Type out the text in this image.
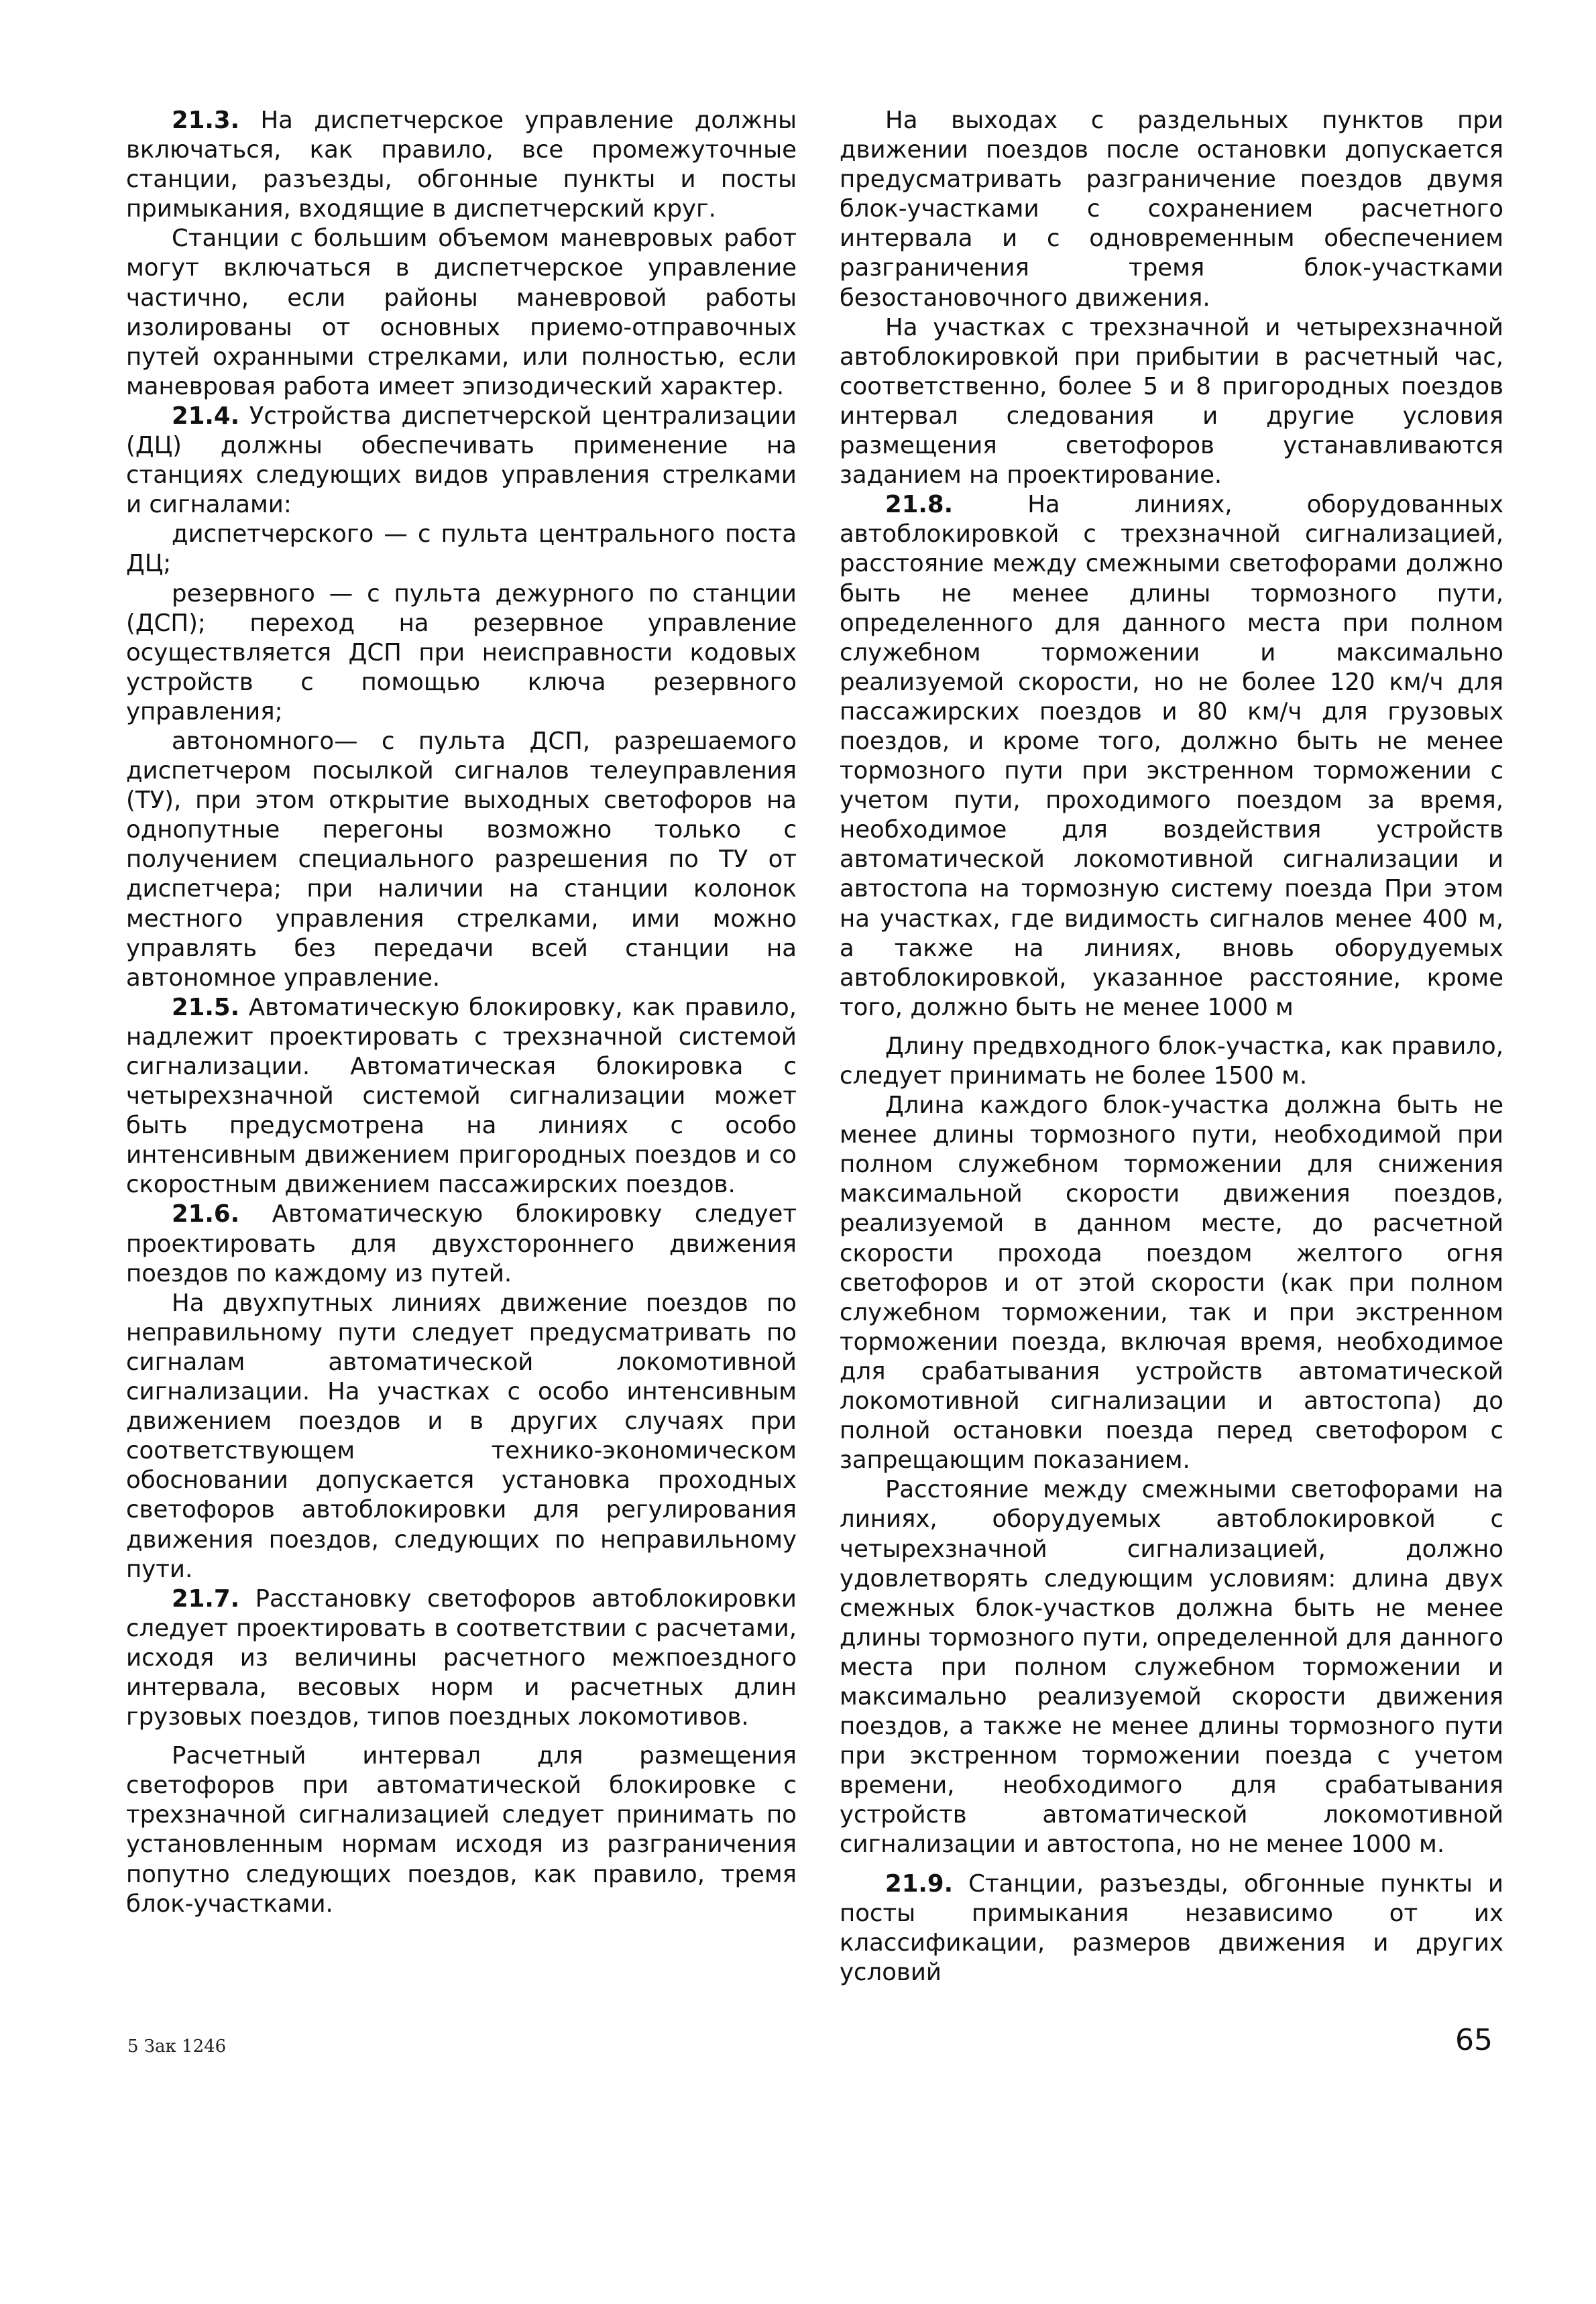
21.3. На диспетчерское управление должны включаться, как правило, все промежуточные станции, разъезды, обгонные пункты и посты примыкания, входящие в диспетчерский круг.

Станции с большим объемом маневровых работ могут включаться в диспетчерское управление частично, если районы маневровой работы изолированы от основных приемо-отправочных путей охранными стрелками, или полностью, если маневровая работа имеет эпизодический характер.

21.4. Устройства диспетчерской централизации (ДЦ) должны обеспечивать применение на станциях следующих видов управления стрелками и сигналами:

диспетчерского — с пульта центрального поста ДЦ;

резервного — с пульта дежурного по станции (ДСП); переход на резервное управление осуществляется ДСП при неисправности кодовых устройств с помощью ключа резервного управления;

автономного— с пульта ДСП, разрешаемого диспетчером посылкой сигналов телеуправления (ТУ), при этом открытие выходных светофоров на однопутные перегоны возможно только с получением специального разрешения по ТУ от диспетчера; при наличии на станции колонок местного управления стрелками, ими можно управлять без передачи всей станции на автономное управление.

21.5. Автоматическую блокировку, как правило, надлежит проектировать с трехзначной системой сигнализации. Автоматическая блокировка с четырехзначной системой сигнализации может быть предусмотрена на линиях с особо интенсивным движением пригородных поездов и со скоростным движением пассажирских поездов.

21.6. Автоматическую блокировку следует проектировать для двухстороннего движения поездов по каждому из путей.

На двухпутных линиях движение поездов по неправильному пути следует предусматривать по сигналам автоматической локомотивной сигнализации. На участках с особо интенсивным движением поездов и в других случаях при соответствующем технико-экономическом обосновании допускается установка проходных светофоров автоблокировки для регулирования движения поездов, следующих по неправильному пути.

21.7. Расстановку светофоров автоблокировки следует проектировать в соответствии с расчетами, исходя из величины расчетного межпоездного интервала, весовых норм и расчетных длин грузовых поездов, типов поездных локомотивов.

Расчетный интервал для размещения светофоров при автоматической блокировке с трехзначной сигнализацией следует принимать по установленным нормам исходя из разграничения попутно следующих поездов, как правило, тремя блок-участками.

На выходах с раздельных пунктов при движении поездов после остановки допускается предусматривать разграничение поездов двумя блок-участками с сохранением расчетного интервала и с одновременным обеспечением разграничения тремя блок-участками безостановочного движения.

На участках с трехзначной и четырехзначной автоблокировкой при прибытии в расчетный час, соответственно, более 5 и 8 пригородных поездов интервал следования и другие условия размещения светофоров устанавливаются заданием на проектирование.

21.8. На линиях, оборудованных автоблокировкой с трехзначной сигнализацией, расстояние между смежными светофорами должно быть не менее длины тормозного пути, определенного для данного места при полном служебном торможении и максимально реализуемой скорости, но не более 120 км/ч для пассажирских поездов и 80 км/ч для грузовых поездов, и кроме того, должно быть не менее тормозного пути при экстренном торможении с учетом пути, проходимого поездом за время, необходимое для воздействия устройств автоматической локомотивной сигнализации и автостопа на тормозную систему поезда При этом на участках, где видимость сигналов менее 400 м, а также на линиях, вновь оборудуемых автоблокировкой, указанное расстояние, кроме того, должно быть не менее 1000 м

Длину предвходного блок-участка, как правило, следует принимать не более 1500 м.

Длина каждого блок-участка должна быть не менее длины тормозного пути, необходимой при полном служебном торможении для снижения максимальной скорости движения поездов, реализуемой в данном месте, до расчетной скорости прохода поездом желтого огня светофоров и от этой скорости (как при полном служебном торможении, так и при экстренном торможении поезда, включая время, необходимое для срабатывания устройств автоматической локомотивной сигнализации и автостопа) до полной остановки поезда перед светофором с запрещающим показанием.

Расстояние между смежными светофорами на линиях, оборудуемых автоблокировкой с четырехзначной сигнализацией, должно удовлетворять следующим условиям: длина двух смежных блок-участков должна быть не менее длины тормозного пути, определенной для данного места при полном служебном торможении и максимально реализуемой скорости движения поездов, а также не менее длины тормозного пути при экстренном торможении поезда с учетом времени, необходимого для срабатывания устройств автоматической локомотивной сигнализации и автостопа, но не менее 1000 м.

21.9. Станции, разъезды, обгонные пункты и посты примыкания независимо от их классификации, размеров движения и других условий

5 Зак 1246	65
